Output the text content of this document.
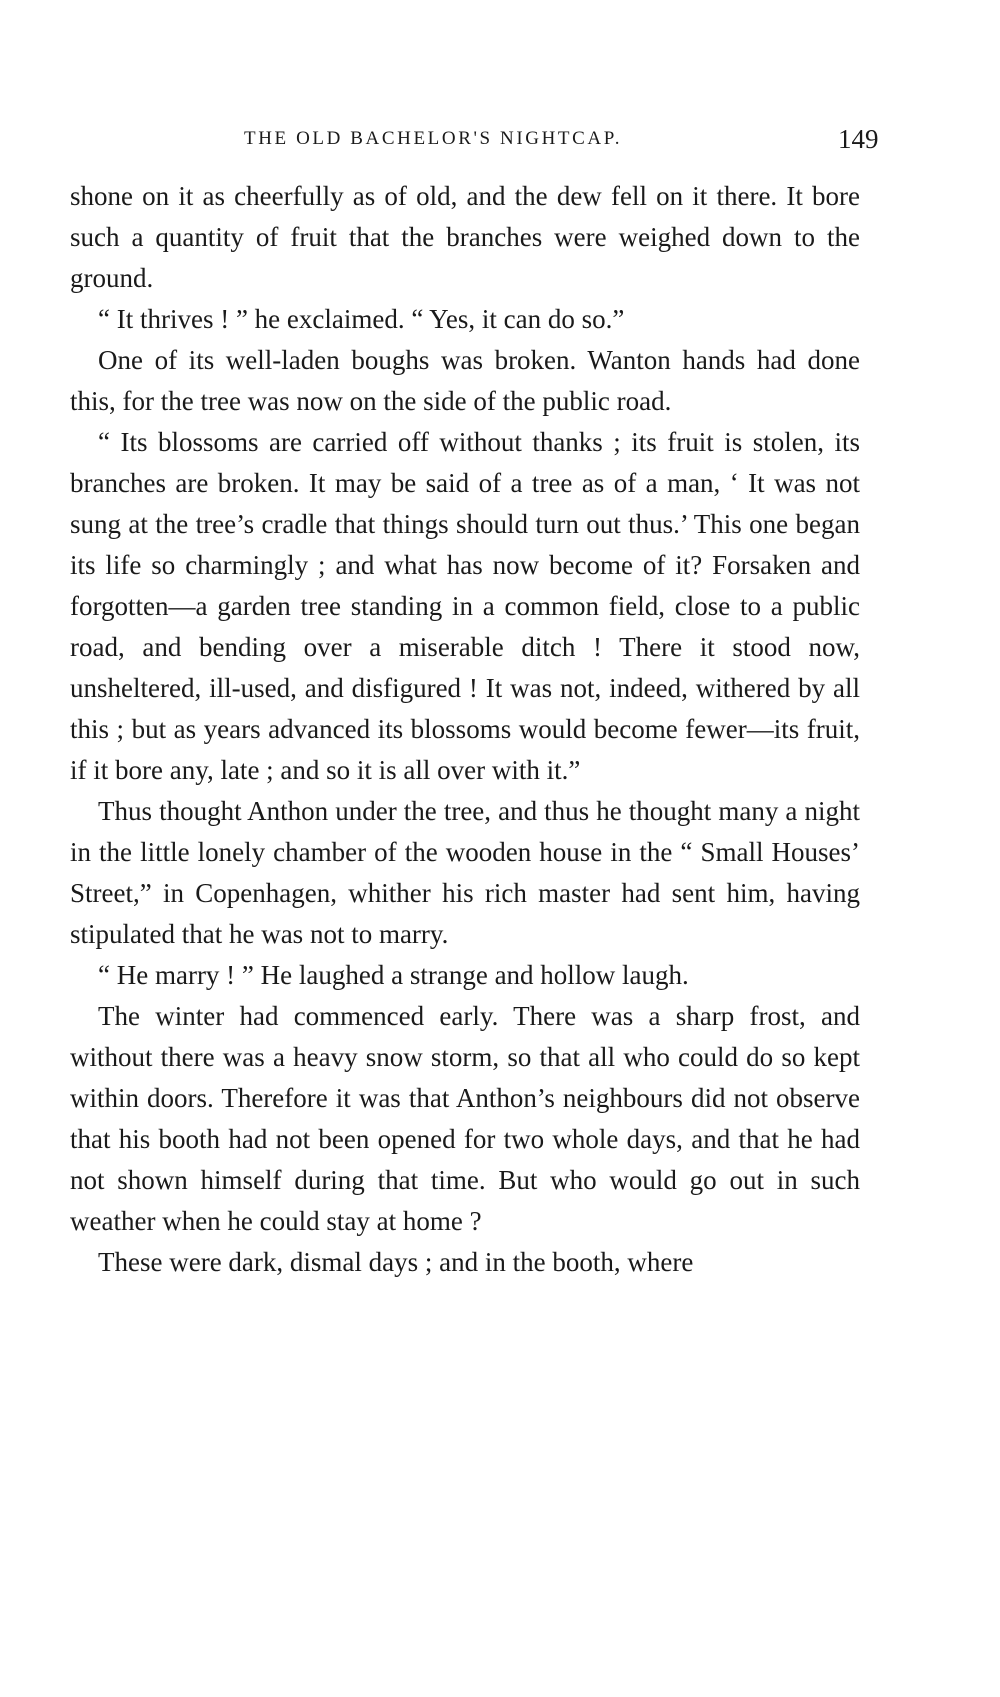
THE OLD BACHELOR'S NIGHTCAP.	149

shone on it as cheerfully as of old, and the dew fell on it there. It bore such a quantity of fruit that the branches were weighed down to the ground.

“ It thrives ! ” he exclaimed. “ Yes, it can do so.”

One of its well-laden boughs was broken. Wanton hands had done this, for the tree was now on the side of the public road.

“ Its blossoms are carried off without thanks ; its fruit is stolen, its branches are broken. It may be said of a tree as of a man, ‘ It was not sung at the tree’s cradle that things should turn out thus.’ This one began its life so charmingly ; and what has now become of it? Forsaken and forgotten—a garden tree standing in a common field, close to a public road, and bending over a miserable ditch ! There it stood now, unsheltered, ill-used, and disfigured ! It was not, indeed, withered by all this ; but as years advanced its blossoms would become fewer—its fruit, if it bore any, late ; and so it is all over with it.”

Thus thought Anthon under the tree, and thus he thought many a night in the little lonely chamber of the wooden house in the “ Small Houses’ Street,” in Copenhagen, whither his rich master had sent him, having stipulated that he was not to marry.

“ He marry ! ” He laughed a strange and hollow laugh.

The winter had commenced early. There was a sharp frost, and without there was a heavy snow storm, so that all who could do so kept within doors. Therefore it was that Anthon’s neighbours did not observe that his booth had not been opened for two whole days, and that he had not shown himself during that time. But who would go out in such weather when he could stay at home ?

These were dark, dismal days ; and in the booth, where
